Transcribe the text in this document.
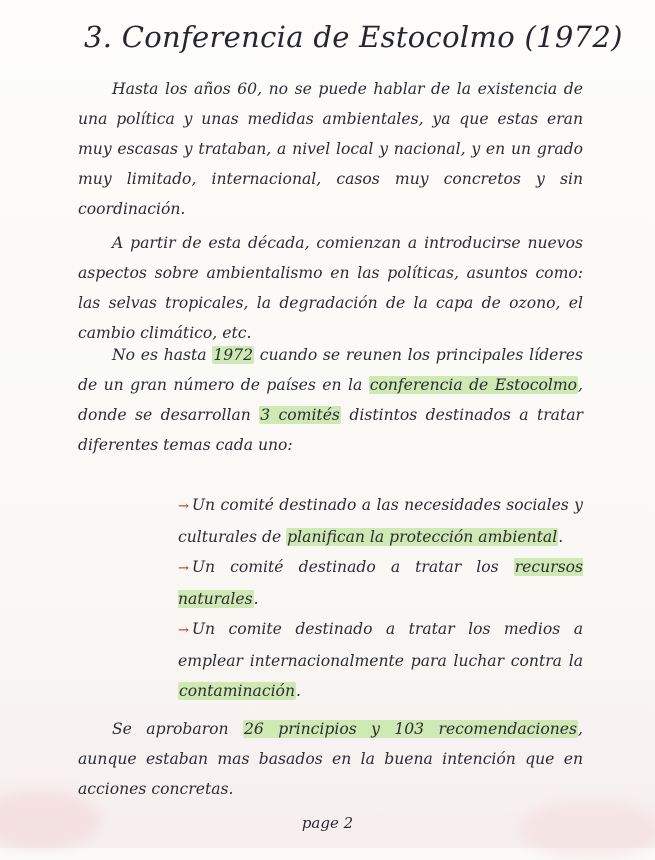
3. Conferencia de Estocolmo (1972)

Hasta los años 60, no se puede hablar de la existencia de una política y unas medidas ambientales, ya que estas eran muy escasas y trataban, a nivel local y nacional, y en un grado muy limitado, internacional, casos muy concretos y sin coordinación.

A partir de esta década, comienzan a introducirse nuevos aspectos sobre ambientalismo en las políticas, asuntos como: las selvas tropicales, la degradación de la capa de ozono, el cambio climático, etc.

No es hasta 1972 cuando se reunen los principales líderes de un gran número de países en la conferencia de Estocolmo, donde se desarrollan 3 comités distintos destinados a tratar diferentes temas cada uno:

→ Un comité destinado a las necesidades sociales y culturales de planifican la protección ambiental.
→ Un comité destinado a tratar los recursos naturales.
→ Un comite destinado a tratar los medios a emplear internacionalmente para luchar contra la contaminación.

Se aprobaron 26 principios y 103 recomendaciones, aunque estaban mas basados en la buena intención que en acciones concretas.

page 2
